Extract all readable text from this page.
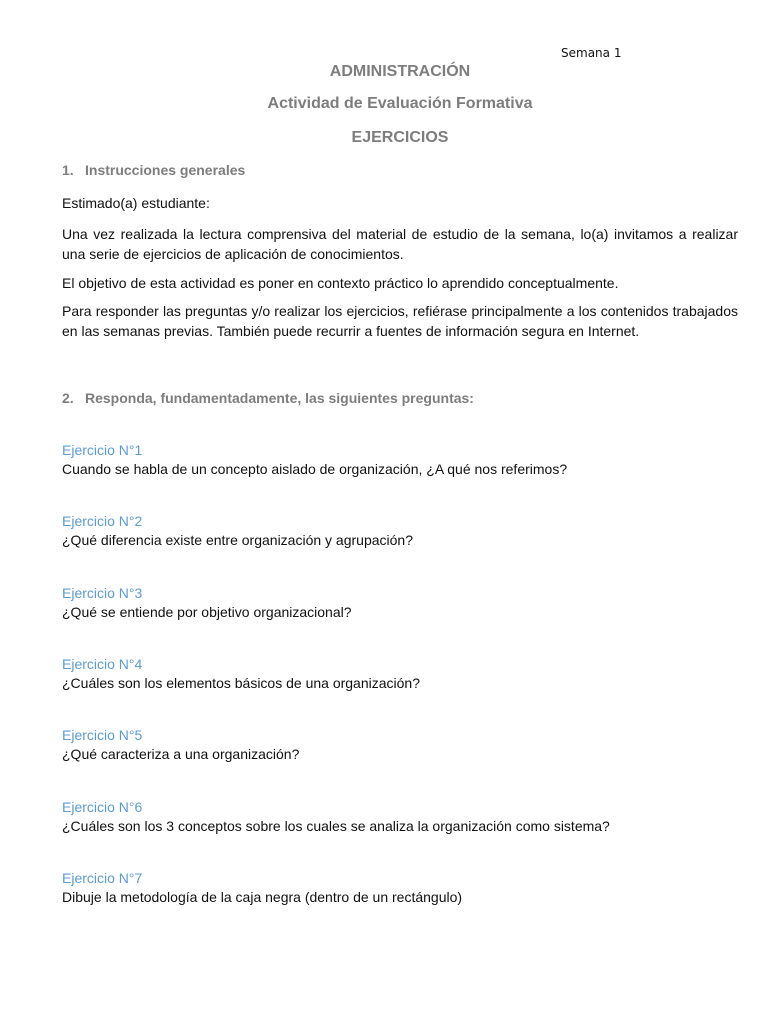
Semana 1
ADMINISTRACIÓN
Actividad de Evaluación Formativa
EJERCICIOS
1. Instrucciones generales

Estimado(a) estudiante:

Una vez realizada la lectura comprensiva del material de estudio de la semana, lo(a) invitamos a realizar una serie de ejercicios de aplicación de conocimientos.

El objetivo de esta actividad es poner en contexto práctico lo aprendido conceptualmente.

Para responder las preguntas y/o realizar los ejercicios, refiérase principalmente a los contenidos trabajados en las semanas previas. También puede recurrir a fuentes de información segura en Internet.

2. Responda, fundamentadamente, las siguientes preguntas:
Ejercicio N°1
Cuando se habla de un concepto aislado de organización, ¿A qué nos referimos?
Ejercicio N°2
¿Qué diferencia existe entre organización y agrupación?
Ejercicio N°3
¿Qué se entiende por objetivo organizacional?
Ejercicio N°4
¿Cuáles son los elementos básicos de una organización?
Ejercicio N°5
¿Qué caracteriza a una organización?
Ejercicio N°6
¿Cuáles son los 3 conceptos sobre los cuales se analiza la organización como sistema?
Ejercicio N°7
Dibuje la metodología de la caja negra (dentro de un rectángulo)
